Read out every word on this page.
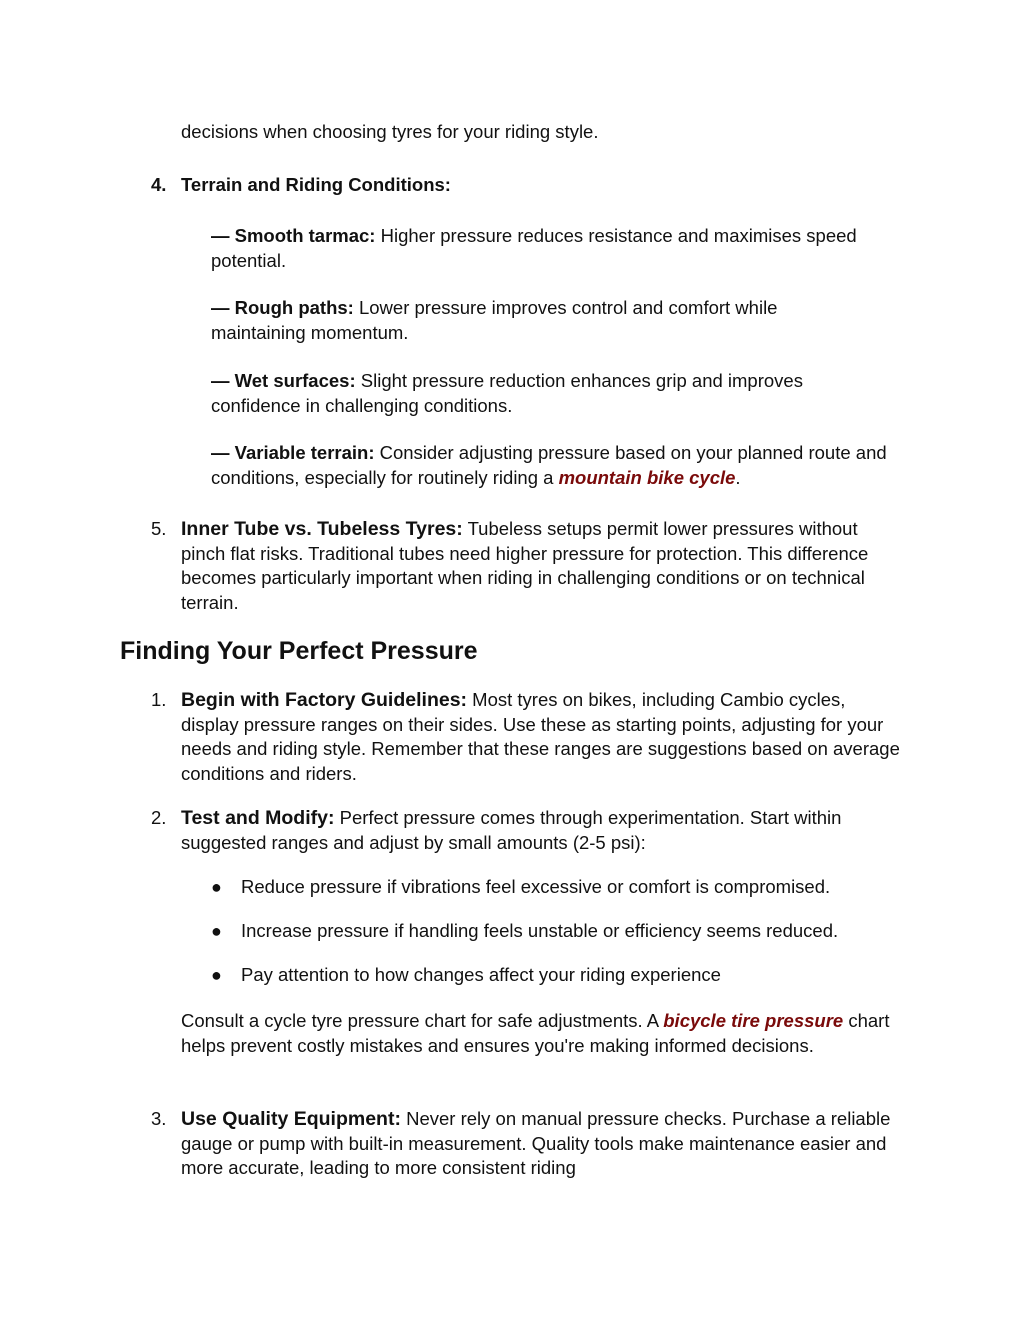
decisions when choosing tyres for your riding style.

4. Terrain and Riding Conditions:

— Smooth tarmac: Higher pressure reduces resistance and maximises speed potential.

— Rough paths: Lower pressure improves control and comfort while maintaining momentum.

— Wet surfaces: Slight pressure reduction enhances grip and improves confidence in challenging conditions.

— Variable terrain: Consider adjusting pressure based on your planned route and conditions, especially for routinely riding a mountain bike cycle.

5. Inner Tube vs. Tubeless Tyres: Tubeless setups permit lower pressures without pinch flat risks. Traditional tubes need higher pressure for protection. This difference becomes particularly important when riding in challenging conditions or on technical terrain.

Finding Your Perfect Pressure
1. Begin with Factory Guidelines: Most tyres on bikes, including Cambio cycles, display pressure ranges on their sides. Use these as starting points, adjusting for your needs and riding style. Remember that these ranges are suggestions based on average conditions and riders.

2. Test and Modify: Perfect pressure comes through experimentation. Start within suggested ranges and adjust by small amounts (2-5 psi):

● Reduce pressure if vibrations feel excessive or comfort is compromised.

● Increase pressure if handling feels unstable or efficiency seems reduced.

● Pay attention to how changes affect your riding experience

Consult a cycle tyre pressure chart for safe adjustments. A bicycle tire pressure chart helps prevent costly mistakes and ensures you're making informed decisions.

3. Use Quality Equipment: Never rely on manual pressure checks. Purchase a reliable gauge or pump with built-in measurement. Quality tools make maintenance easier and more accurate, leading to more consistent riding
